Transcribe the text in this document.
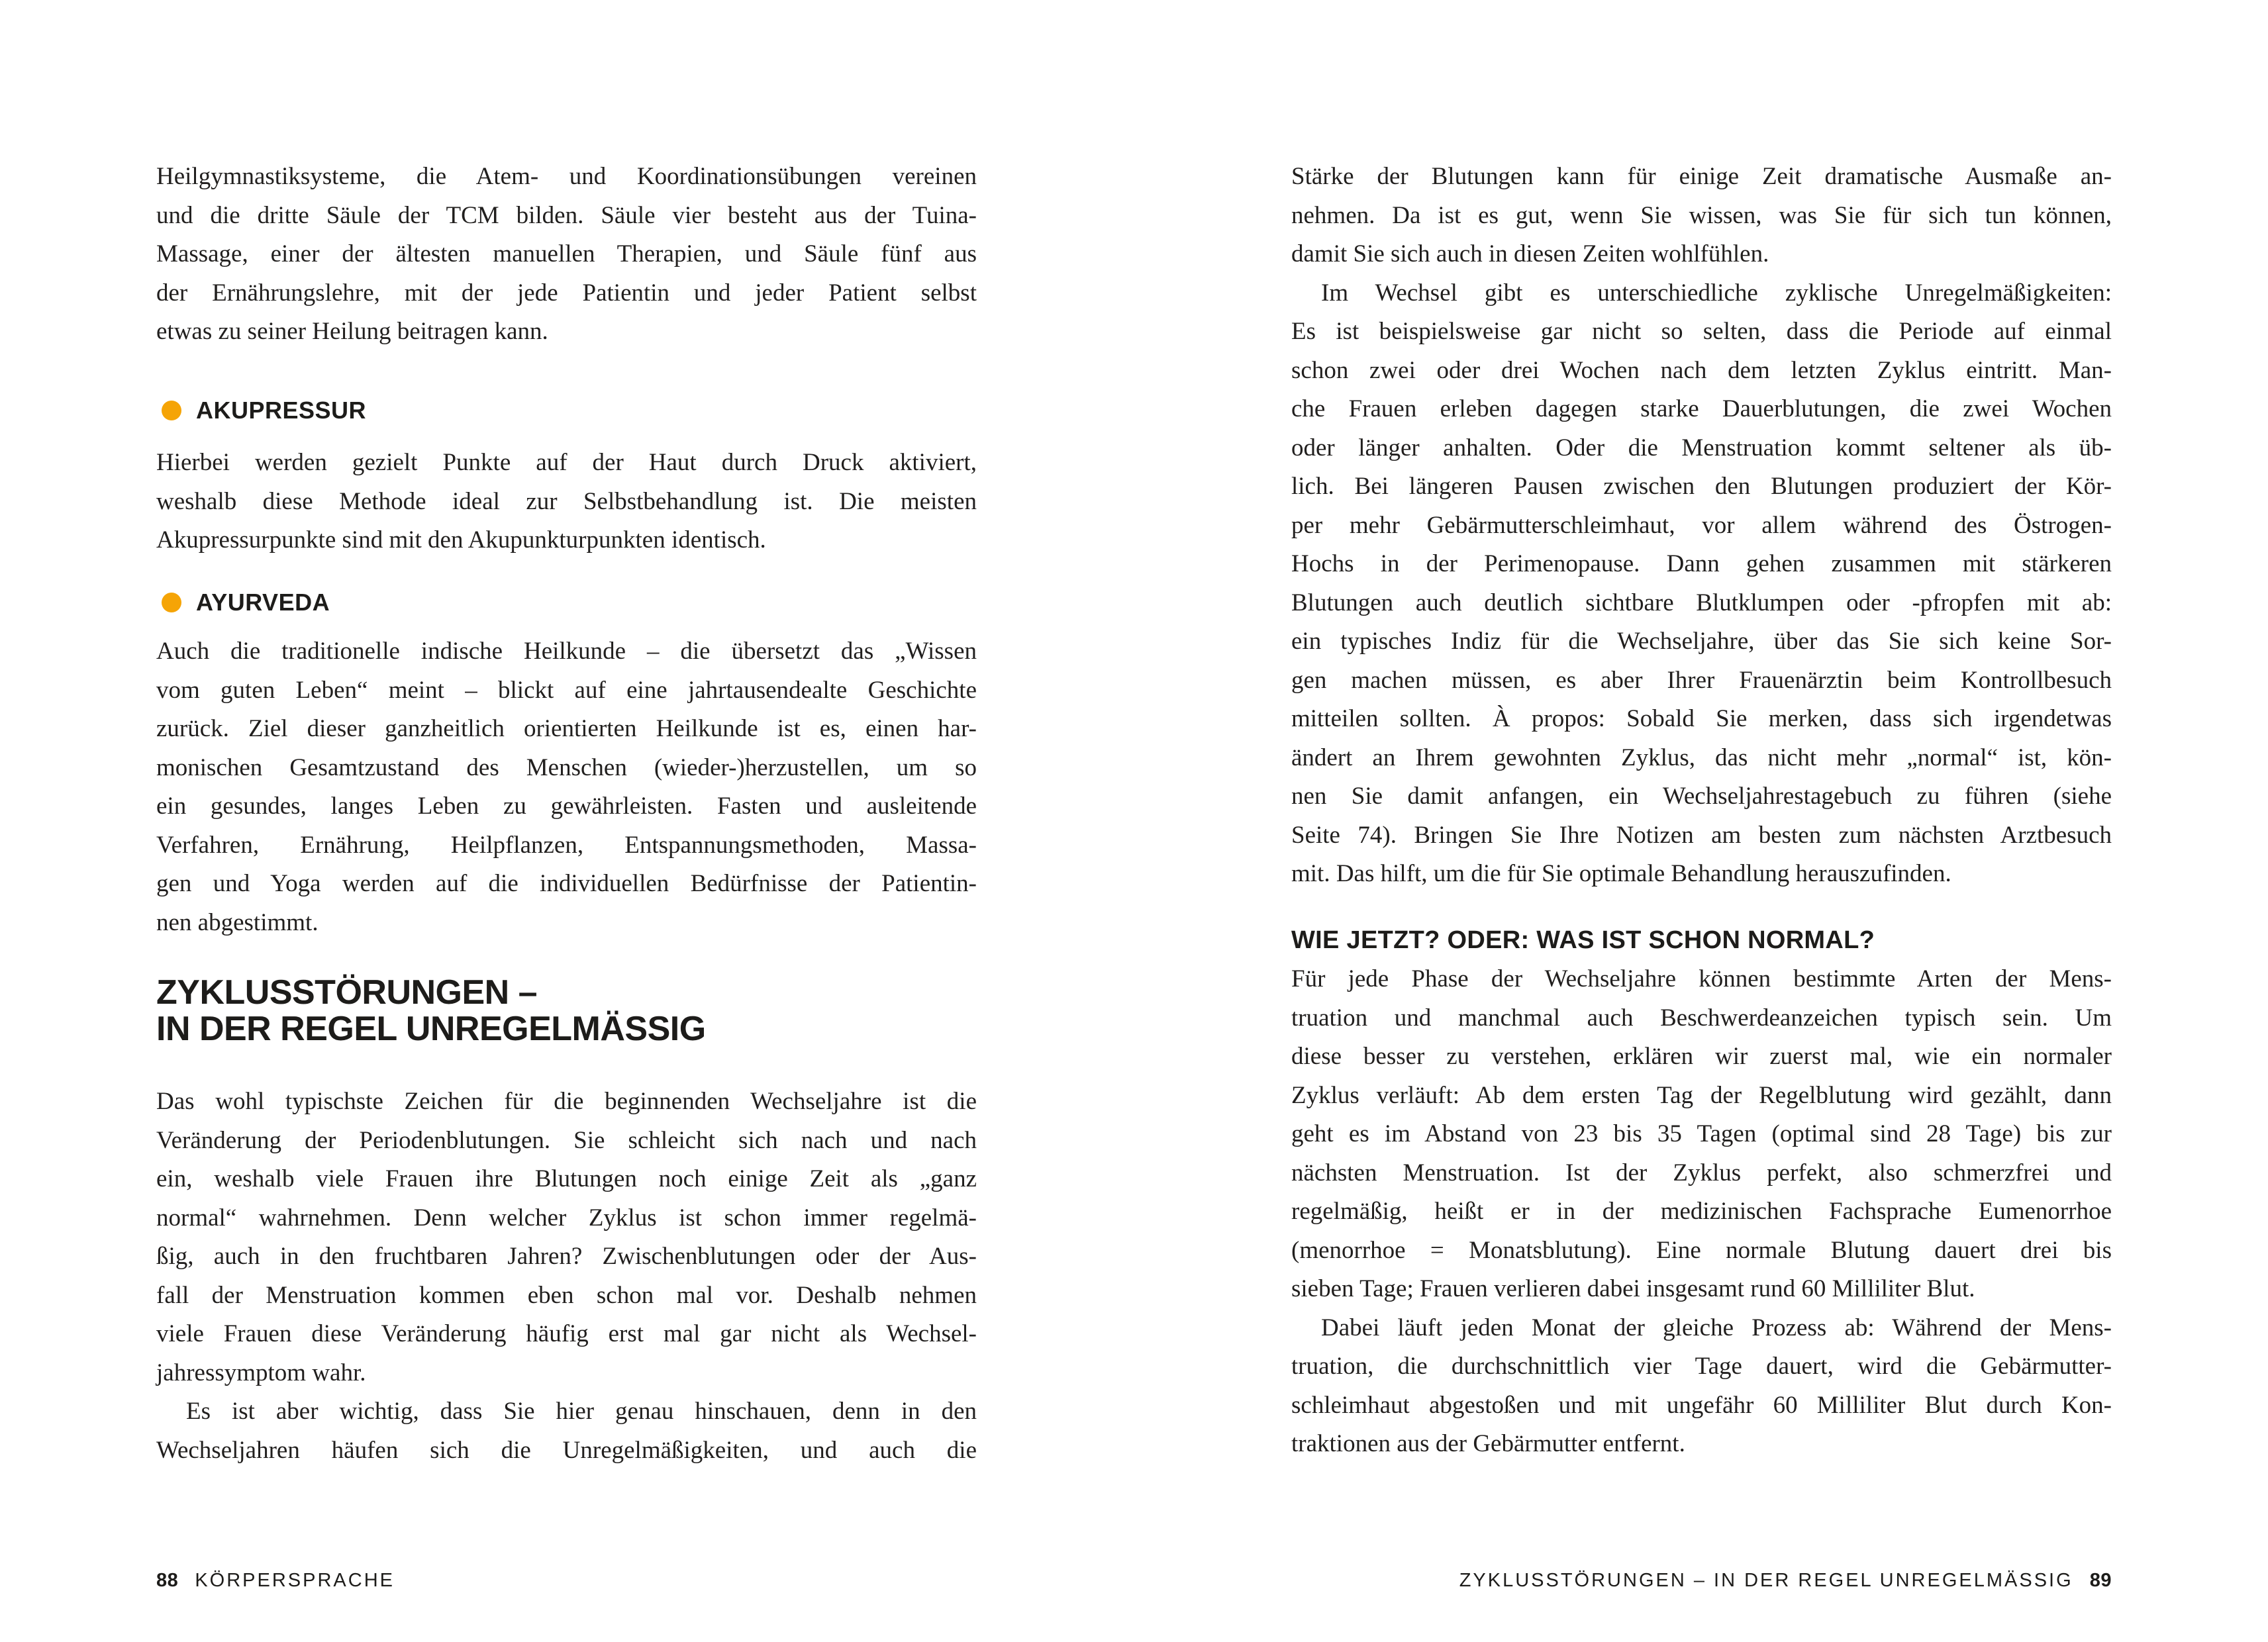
Heilgymnastiksysteme, die Atem- und Koordinationsübungen vereinen
und die dritte Säule der TCM bilden. Säule vier besteht aus der Tuina-
Massage, einer der ältesten manuellen Therapien, und Säule fünf aus
der Ernährungslehre, mit der jede Patientin und jeder Patient selbst
etwas zu seiner Heilung beitragen kann.
AKUPRESSUR
Hierbei werden gezielt Punkte auf der Haut durch Druck aktiviert,
weshalb diese Methode ideal zur Selbstbehandlung ist. Die meisten
Akupressurpunkte sind mit den Akupunkturpunkten identisch.
AYURVEDA
Auch die traditionelle indische Heilkunde – die übersetzt das „Wissen
vom guten Leben“ meint – blickt auf eine jahrtausendealte Geschichte
zurück. Ziel dieser ganzheitlich orientierten Heilkunde ist es, einen har-
monischen Gesamtzustand des Menschen (wieder-)herzustellen, um so
ein gesundes, langes Leben zu gewährleisten. Fasten und ausleitende
Verfahren, Ernährung, Heilpflanzen, Entspannungsmethoden, Massa-
gen und Yoga werden auf die individuellen Bedürfnisse der Patientin-
nen abgestimmt.
ZYKLUSSTÖRUNGEN –
IN DER REGEL UNREGELMÄSSIG
Das wohl typischste Zeichen für die beginnenden Wechseljahre ist die
Veränderung der Periodenblutungen. Sie schleicht sich nach und nach
ein, weshalb viele Frauen ihre Blutungen noch einige Zeit als „ganz
normal“ wahrnehmen. Denn welcher Zyklus ist schon immer regelmä-
ßig, auch in den fruchtbaren Jahren? Zwischenblutungen oder der Aus-
fall der Menstruation kommen eben schon mal vor. Deshalb nehmen
viele Frauen diese Veränderung häufig erst mal gar nicht als Wechsel-
jahressymptom wahr.
Es ist aber wichtig, dass Sie hier genau hinschauen, denn in den
Wechseljahren häufen sich die Unregelmäßigkeiten, und auch die
88 KÖRPERSPRACHE
Stärke der Blutungen kann für einige Zeit dramatische Ausmaße an-
nehmen. Da ist es gut, wenn Sie wissen, was Sie für sich tun können,
damit Sie sich auch in diesen Zeiten wohlfühlen.
Im Wechsel gibt es unterschiedliche zyklische Unregelmäßigkeiten:
Es ist beispielsweise gar nicht so selten, dass die Periode auf einmal
schon zwei oder drei Wochen nach dem letzten Zyklus eintritt. Man-
che Frauen erleben dagegen starke Dauerblutungen, die zwei Wochen
oder länger anhalten. Oder die Menstruation kommt seltener als üb-
lich. Bei längeren Pausen zwischen den Blutungen produziert der Kör-
per mehr Gebärmutterschleimhaut, vor allem während des Östrogen-
Hochs in der Perimenopause. Dann gehen zusammen mit stärkeren
Blutungen auch deutlich sichtbare Blutklumpen oder -pfropfen mit ab:
ein typisches Indiz für die Wechseljahre, über das Sie sich keine Sor-
gen machen müssen, es aber Ihrer Frauenärztin beim Kontrollbesuch
mitteilen sollten. À propos: Sobald Sie merken, dass sich irgendetwas
ändert an Ihrem gewohnten Zyklus, das nicht mehr „normal“ ist, kön-
nen Sie damit anfangen, ein Wechseljahrestagebuch zu führen (siehe
Seite 74). Bringen Sie Ihre Notizen am besten zum nächsten Arztbesuch
mit. Das hilft, um die für Sie optimale Behandlung herauszufinden.
WIE JETZT? ODER: WAS IST SCHON NORMAL?
Für jede Phase der Wechseljahre können bestimmte Arten der Mens-
truation und manchmal auch Beschwerdeanzeichen typisch sein. Um
diese besser zu verstehen, erklären wir zuerst mal, wie ein normaler
Zyklus verläuft: Ab dem ersten Tag der Regelblutung wird gezählt, dann
geht es im Abstand von 23 bis 35 Tagen (optimal sind 28 Tage) bis zur
nächsten Menstruation. Ist der Zyklus perfekt, also schmerzfrei und
regelmäßig, heißt er in der medizinischen Fachsprache Eumenorrhoe
(menorrhoe = Monatsblutung). Eine normale Blutung dauert drei bis
sieben Tage; Frauen verlieren dabei insgesamt rund 60 Milliliter Blut.
Dabei läuft jeden Monat der gleiche Prozess ab: Während der Mens-
truation, die durchschnittlich vier Tage dauert, wird die Gebärmutter-
schleimhaut abgestoßen und mit ungefähr 60 Milliliter Blut durch Kon-
traktionen aus der Gebärmutter entfernt.
ZYKLUSSTÖRUNGEN – IN DER REGEL UNREGELMÄSSIG 89
